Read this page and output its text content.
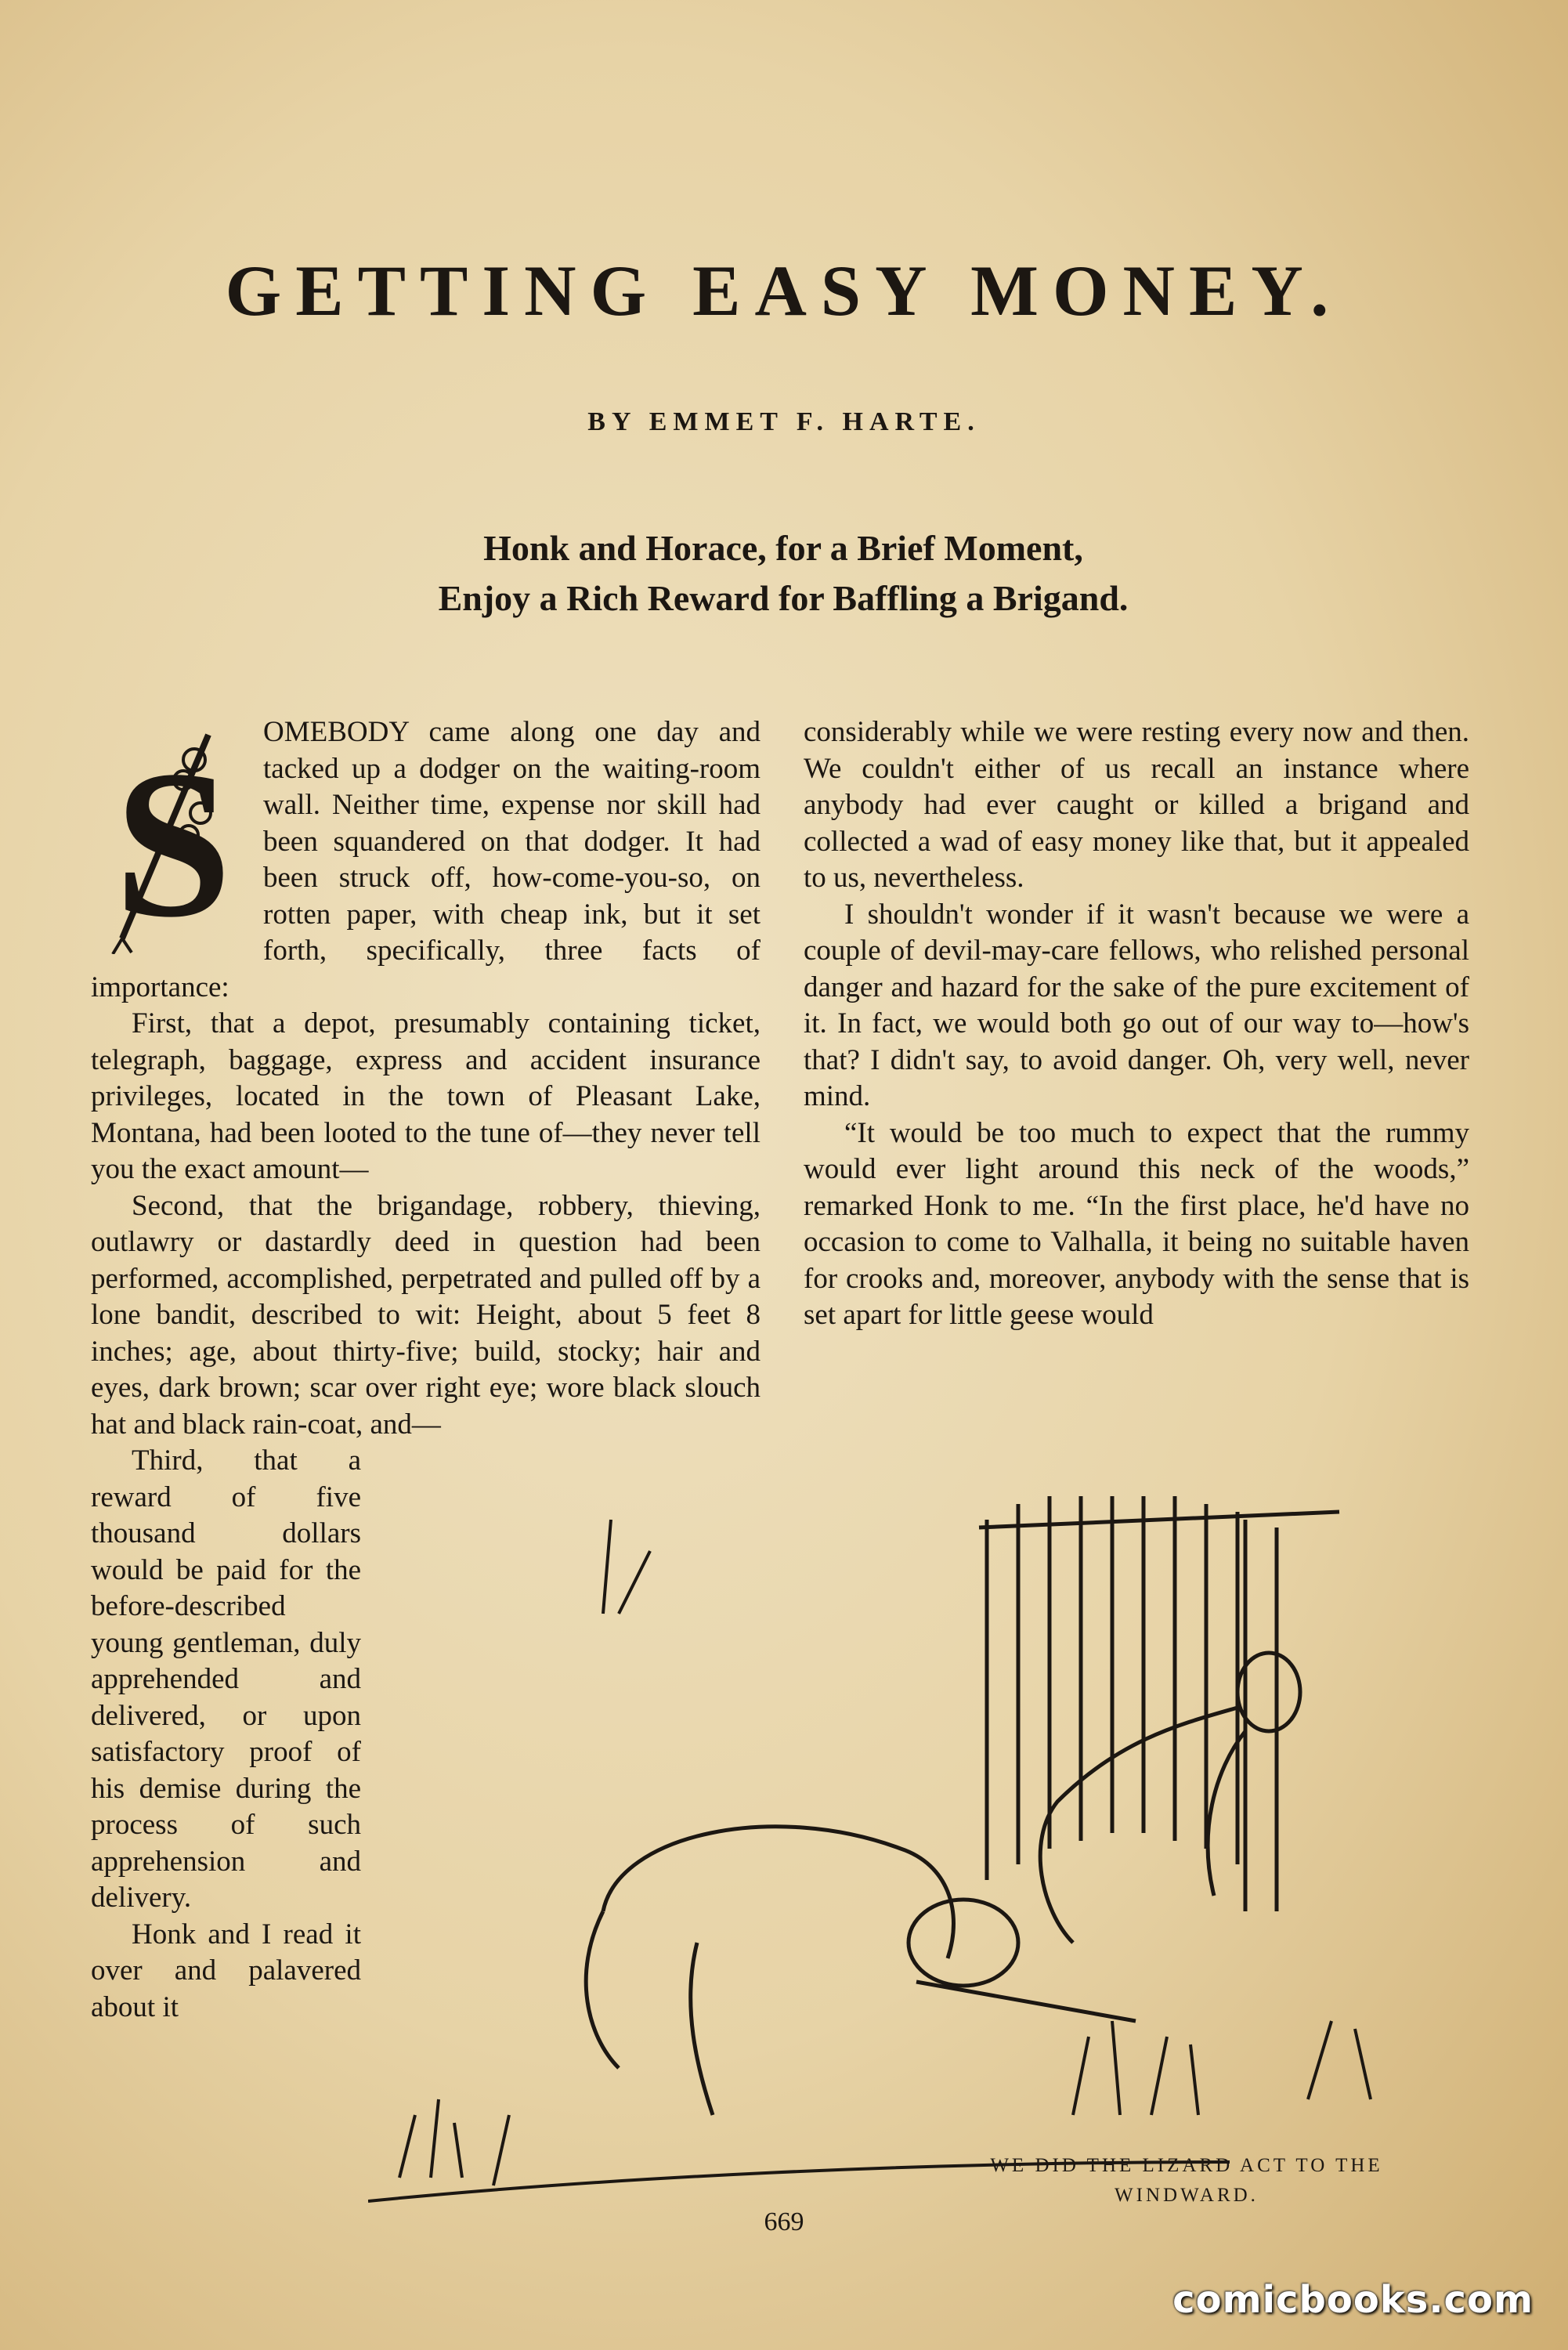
GETTING EASY MONEY.

BY EMMET F. HARTE.

Honk and Horace, for a Brief Moment,
Enjoy a Rich Reward for Baffling a Brigand.
S	OMEBODY came along one day and tacked up a dodger on the waiting-room wall. Neither time, expense nor skill had been squandered on that dodger. It had been struck off, how-come-you-so, on rotten paper, with cheap ink, but it set forth, specifically, three facts of importance:

First, that a depot, presumably containing ticket, telegraph, baggage, express and accident insurance privileges, located in the town of Pleasant Lake, Montana, had been looted to the tune of—they never tell you the exact amount—

Second, that the brigandage, robbery, thieving, outlawry or dastardly deed in question had been performed, accomplished, perpetrated and pulled off by a lone bandit, described to wit: Height, about 5 feet 8 inches; age, about thirty-five; build, stocky; hair and eyes, dark brown; scar over right eye; wore black slouch hat and black rain-coat, and—

Third, that a reward of five thousand dollars would be paid for the before-described young gentleman, duly apprehended and delivered, or upon satisfactory proof of his demise during the process of such apprehension and delivery.

Honk and I read it over and palavered about it

considerably while we were resting every now and then. We couldn't either of us recall an instance where anybody had ever caught or killed a brigand and collected a wad of easy money like that, but it appealed to us, nevertheless.

I shouldn't wonder if it wasn't because we were a couple of devil-may-care fellows, who relished personal danger and hazard for the sake of the pure excitement of it. In fact, we would both go out of our way to—how's that? I didn't say, to avoid danger. Oh, very well, never mind.

“It would be too much to expect that the rummy would ever light around this neck of the woods,” remarked Honk to me. “In the first place, he'd have no occasion to come to Valhalla, it being no suitable haven for crooks and, moreover, anybody with the sense that is set apart for little geese would

WE DID THE LIZARD ACT TO THE
WINDWARD.

669

comicbooks.com
